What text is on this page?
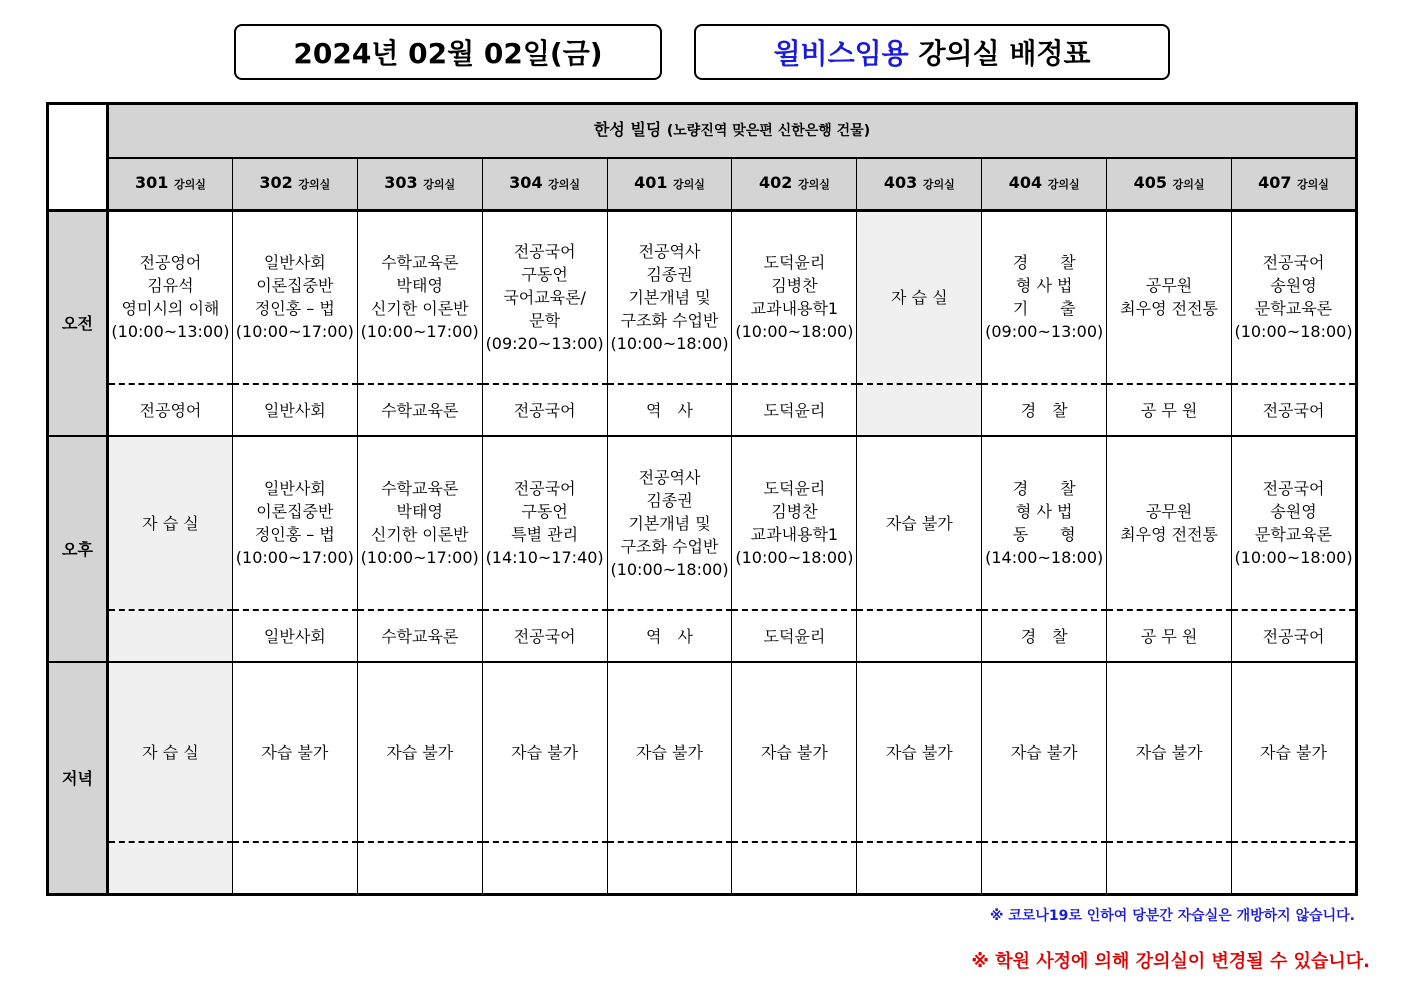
2024년 02월 02일(금)	윌비스임용
강의실 배정표
	한성 빌딩 (노량진역 맞은편 신한은행 건물)									
	301 강의실	302 강의실	303 강의실	304 강의실	401 강의실	402 강의실	403 강의실	404 강의실	405 강의실	407 강의실
오전	전공영어
김유석
영미시의 이해
(10:00~13:00)	일반사회
이론집중반
정인홍 – 법
(10:00~17:00)	수학교육론
박태영
신기한 이론반
(10:00~17:00)	전공국어
구동언
국어교육론/
문학
(09:20~13:00)	전공역사
김종권
기본개념 및
구조화 수업반
(10:00~18:00)	도덕윤리
김병찬
교과내용학1
(10:00~18:00)	자 습 실	경　　찰
형 사 법
기　　출
(09:00~13:00)	공무원
최우영 전전통	전공국어
송원영
문학교육론
(10:00~18:00)
	전공영어	일반사회	수학교육론	전공국어	역　사	도덕윤리		경　찰	공 무 원	전공국어
오후	자 습 실	일반사회
이론집중반
정인홍 – 법
(10:00~17:00)	수학교육론
박태영
신기한 이론반
(10:00~17:00)	전공국어
구동언
특별 관리
(14:10~17:40)	전공역사
김종권
기본개념 및
구조화 수업반
(10:00~18:00)	도덕윤리
김병찬
교과내용학1
(10:00~18:00)	자습 불가	경　　찰
형 사 법
동　　형
(14:00~18:00)	공무원
최우영 전전통	전공국어
송원영
문학교육론
(10:00~18:00)
		일반사회	수학교육론	전공국어	역　사	도덕윤리		경　찰	공 무 원	전공국어
저녁	자 습 실	자습 불가	자습 불가	자습 불가	자습 불가	자습 불가	자습 불가	자습 불가	자습 불가	자습 불가

※ 코로나19로 인하여 당분간 자습실은 개방하지 않습니다.
※ 학원 사정에 의해 강의실이 변경될 수 있습니다.
